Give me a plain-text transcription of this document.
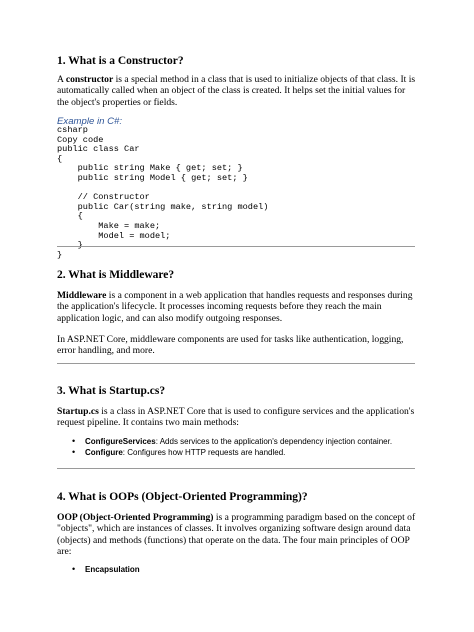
1. What is a Constructor?
A constructor is a special method in a class that is used to initialize objects of that class. It is automatically called when an object of the class is created. It helps set the initial values for the object's properties or fields.
Example in C#:
csharp
Copy code
public class Car
{
public string Make { get; set; }
public string Model { get; set; }

// Constructor
public Car(string make, string model)
{
Make = make;
Model = model;
}
}
2. What is Middleware?
Middleware is a component in a web application that handles requests and responses during the application's lifecycle. It processes incoming requests before they reach the main application logic, and can also modify outgoing responses.
In ASP.NET Core, middleware components are used for tasks like authentication, logging, error handling, and more.
3. What is Startup.cs?
Startup.cs is a class in ASP.NET Core that is used to configure services and the application's request pipeline. It contains two main methods:
• ConfigureServices: Adds services to the application's dependency injection container.
• Configure: Configures how HTTP requests are handled.
4. What is OOPs (Object-Oriented Programming)?
OOP (Object-Oriented Programming) is a programming paradigm based on the concept of "objects", which are instances of classes. It involves organizing software design around data (objects) and methods (functions) that operate on the data. The four main principles of OOP are:
• Encapsulation
